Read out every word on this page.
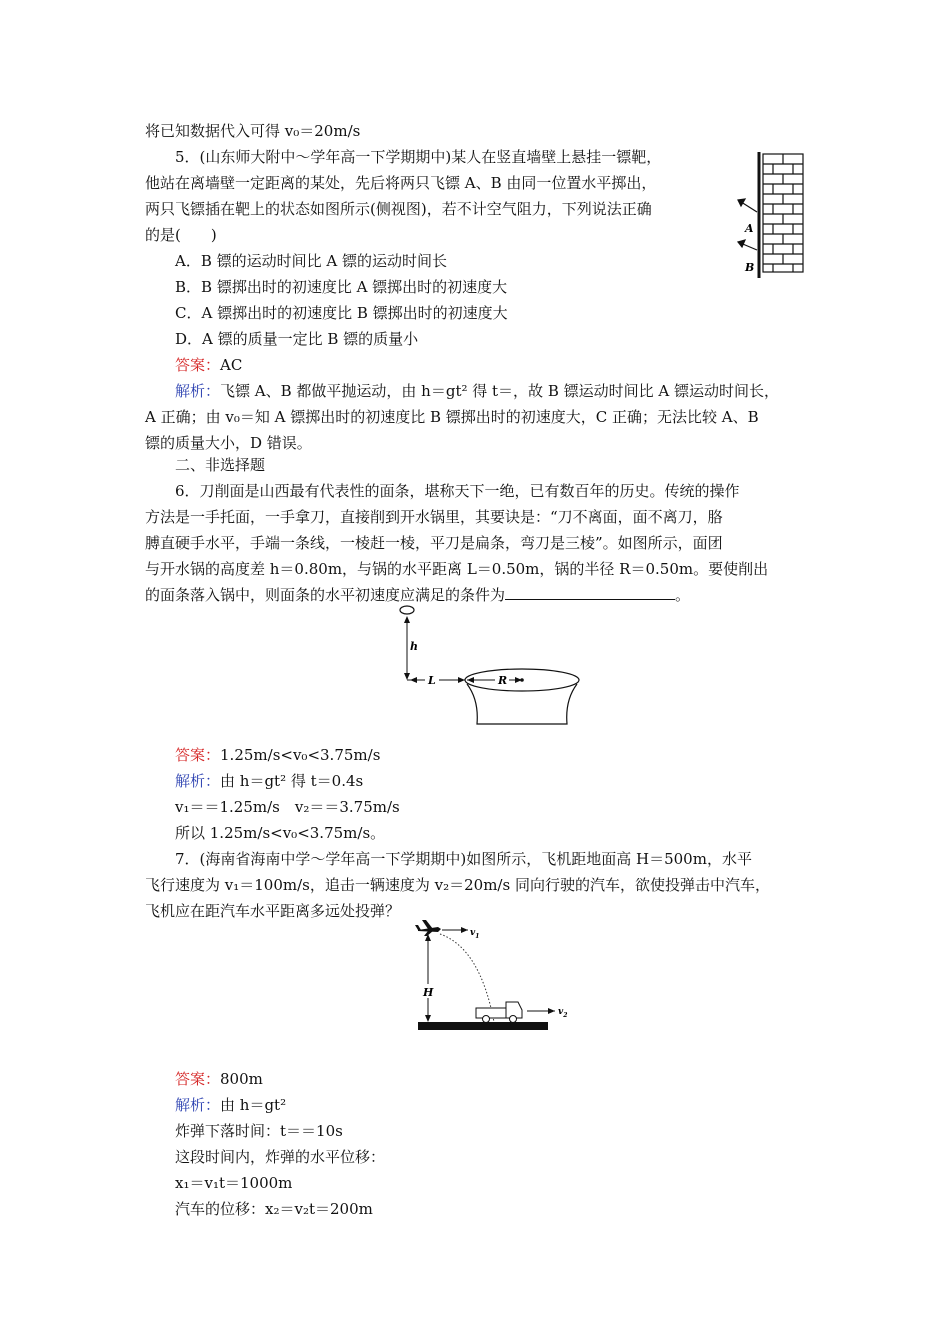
将已知数据代入可得 v₀＝20m/s
5．(山东师大附中～学年高一下学期期中)某人在竖直墙壁上悬挂一镖靶，
他站在离墙壁一定距离的某处，先后将两只飞镖 A、B 由同一位置水平掷出，
两只飞镖插在靶上的状态如图所示(侧视图)，若不计空气阻力，下列说法正确
的是(　　)
A．B 镖的运动时间比 A 镖的运动时间长
B．B 镖掷出时的初速度比 A 镖掷出时的初速度大
C．A 镖掷出时的初速度比 B 镖掷出时的初速度大
D．A 镖的质量一定比 B 镖的质量小
答案：AC
解析：飞镖 A、B 都做平抛运动，由 h＝gt² 得 t＝，故 B 镖运动时间比 A 镖运动时间长，
A 正确；由 v₀＝知 A 镖掷出时的初速度比 B 镖掷出时的初速度大，C 正确；无法比较 A、B
镖的质量大小，D 错误。
A
B
二、非选择题
6．刀削面是山西最有代表性的面条，堪称天下一绝，已有数百年的历史。传统的操作
方法是一手托面，一手拿刀，直接削到开水锅里，其要诀是：“刀不离面，面不离刀，胳
膊直硬手水平，手端一条线，一棱赶一棱，平刀是扁条，弯刀是三棱”。如图所示，面团
与开水锅的高度差 h＝0.80m，与锅的水平距离 L＝0.50m，锅的半径 R＝0.50m。要使削出
的面条落入锅中，则面条的水平初速度应满足的条件为	。
h
L	R
答案：1.25m/s<v₀<3.75m/s
解析：由 h＝gt² 得 t＝0.4s
v₁＝＝1.25m/s　v₂＝＝3.75m/s
所以 1.25m/s<v₀<3.75m/s。
7．(海南省海南中学～学年高一下学期期中)如图所示，飞机距地面高 H＝500m，水平
飞行速度为 v₁＝100m/s，追击一辆速度为 v₂＝20m/s 同向行驶的汽车，欲使投弹击中汽车，
飞机应在距汽车水平距离多远处投弹？
$v_1$
H
$v_2$
答案：800m
解析：由 h＝gt²
炸弹下落时间：t＝＝10s
这段时间内，炸弹的水平位移：
x₁＝v₁t＝1000m
汽车的位移：x₂＝v₂t＝200m
